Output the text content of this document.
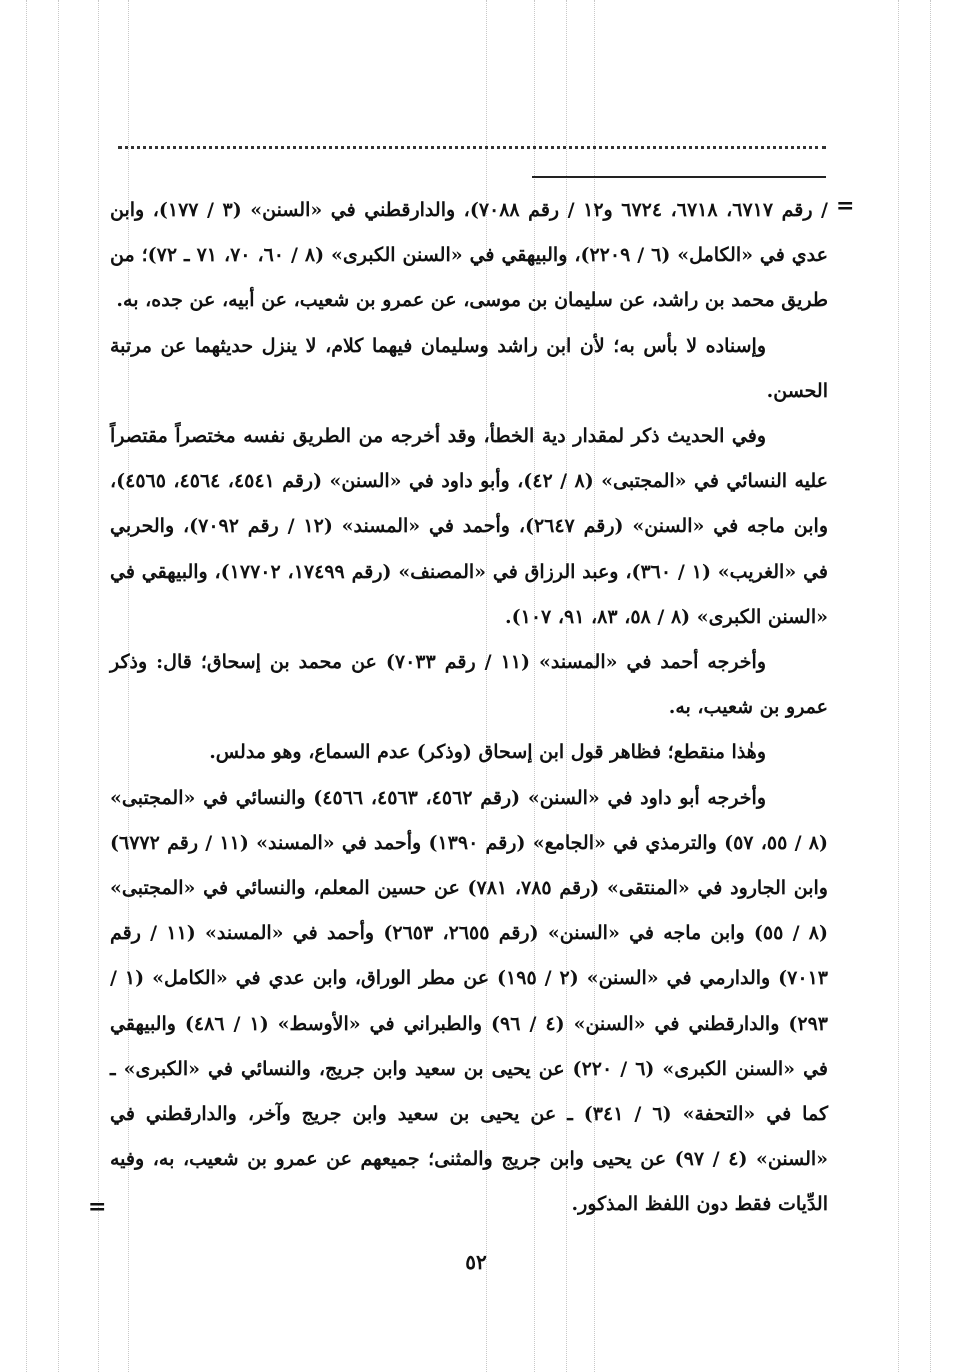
=

/ رقم ٦٧١٧، ٦٧١٨، ٦٧٢٤ و١٢ / رقم ٧٠٨٨)، والدارقطني في «السنن» (٣ / ١٧٧)، وابن عدي في «الكامل» (٦ / ٢٢٠٩)، والبيهقي في «السنن الكبرى» (٨ / ٦٠، ٧٠، ٧١ ـ ٧٢)؛ من طريق محمد بن راشد، عن سليمان بن موسى، عن عمرو بن شعيب، عن أبيه، عن جده، به.

وإسناده لا بأس به؛ لأن ابن راشد وسليمان فيهما كلام، لا ينزل حديثهما عن مرتبة الحسن.

وفي الحديث ذكر لمقدار دية الخطأ، وقد أخرجه من الطريق نفسه مختصراً مقتصراً عليه النسائي في «المجتبى» (٨ / ٤٢)، وأبو داود في «السنن» (رقم ٤٥٤١، ٤٥٦٤، ٤٥٦٥)، وابن ماجه في «السنن» (رقم ٢٦٤٧)، وأحمد في «المسند» (١٢ / رقم ٧٠٩٢)، والحربي في «الغريب» (١ / ٣٦٠)، وعبد الرزاق في «المصنف» (رقم ١٧٤٩٩، ١٧٧٠٢)، والبيهقي في «السنن الكبرى» (٨ / ٥٨، ٨٣، ٩١، ١٠٧).

وأخرجه أحمد في «المسند» (١١ / رقم ٧٠٣٣) عن محمد بن إسحاق؛ قال: وذكر عمرو بن شعيب، به.

وهٰذا منقطع؛ فظاهر قول ابن إسحاق (وذكر) عدم السماع، وهو مدلس.

وأخرجه أبو داود في «السنن» (رقم ٤٥٦٢، ٤٥٦٣، ٤٥٦٦) والنسائي في «المجتبى» (٨ / ٥٥، ٥٧) والترمذي في «الجامع» (رقم ١٣٩٠) وأحمد في «المسند» (١١ / رقم ٦٧٧٢) وابن الجارود في «المنتقى» (رقم ٧٨٥، ٧٨١) عن حسين المعلم، والنسائي في «المجتبى» (٨ / ٥٥) وابن ماجه في «السنن» (رقم ٢٦٥٥، ٢٦٥٣) وأحمد في «المسند» (١١ / رقم ٧٠١٣) والدارمي في «السنن» (٢ / ١٩٥) عن مطر الوراق، وابن عدي في «الكامل» (١ / ٢٩٣) والدارقطني في «السنن» (٤ / ٩٦) والطبراني في «الأوسط» (١ / ٤٨٦) والبيهقي في «السنن الكبرى» (٦ / ٢٢٠) عن يحيى بن سعيد وابن جريج، والنسائي في «الكبرى» ـ كما في «التحفة» (٦ / ٣٤١) ـ عن يحيى بن سعيد وابن جريج وآخر، والدارقطني في «السنن» (٤ / ٩٧) عن يحيى وابن جريج والمثنى؛ جميعهم عن عمرو بن شعيب، به، وفيه الدِّيات فقط دون اللفظ المذكور.

=
٥٢
